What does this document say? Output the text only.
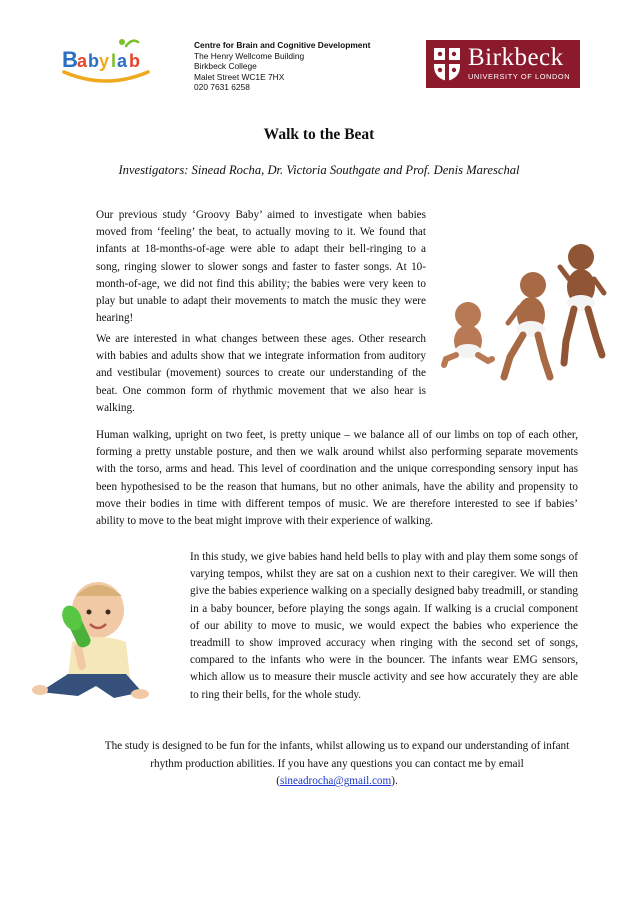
B a b y l a b
Centre for Brain and Cognitive Development
The Henry Wellcome Building
Birkbeck College
Malet Street WC1E 7HX
020 7631 6258
Birkbeck
UNIVERSITY OF LONDON
Walk to the Beat
Investigators: Sinead Rocha, Dr. Victoria Southgate and Prof. Denis Mareschal

Our previous study ‘Groovy Baby’ aimed to investigate when babies moved from ‘feeling’ the beat, to actually moving to it. We found that infants at 18-months-of-age were able to adapt their bell-ringing to a song, ringing slower to slower songs and faster to faster songs. At 10-month-of-age, we did not find this ability; the babies were very keen to play but unable to adapt their movements to match the music they were hearing!

We are interested in what changes between these ages. Other research with babies and adults show that we integrate information from auditory and vestibular (movement) sources to create our understanding of the beat. One common form of rhythmic movement that we also hear is walking.

Human walking, upright on two feet, is pretty unique – we balance all of our limbs on top of each other, forming a pretty unstable posture, and then we walk around whilst also performing separate movements with the torso, arms and head. This level of coordination and the unique corresponding sensory input has been hypothesised to be the reason that humans, but no other animals, have the ability and propensity to move their bodies in time with different tempos of music. We are therefore interested to see if babies’ ability to move to the beat might improve with their experience of walking.

In this study, we give babies hand held bells to play with and play them some songs of varying tempos, whilst they are sat on a cushion next to their caregiver. We will then give the babies experience walking on a specially designed baby treadmill, or standing in a baby bouncer, before playing the songs again. If walking is a crucial component of our ability to move to music, we would expect the babies who experience the treadmill to show improved accuracy when ringing with the second set of songs, compared to the infants who were in the bouncer. The infants wear EMG sensors, which allow us to measure their muscle activity and see how accurately they are able to ring their bells, for the whole study.

The study is designed to be fun for the infants, whilst allowing us to expand our understanding of infant rhythm production abilities. If you have any questions you can contact me by email
(sineadrocha@gmail.com).
